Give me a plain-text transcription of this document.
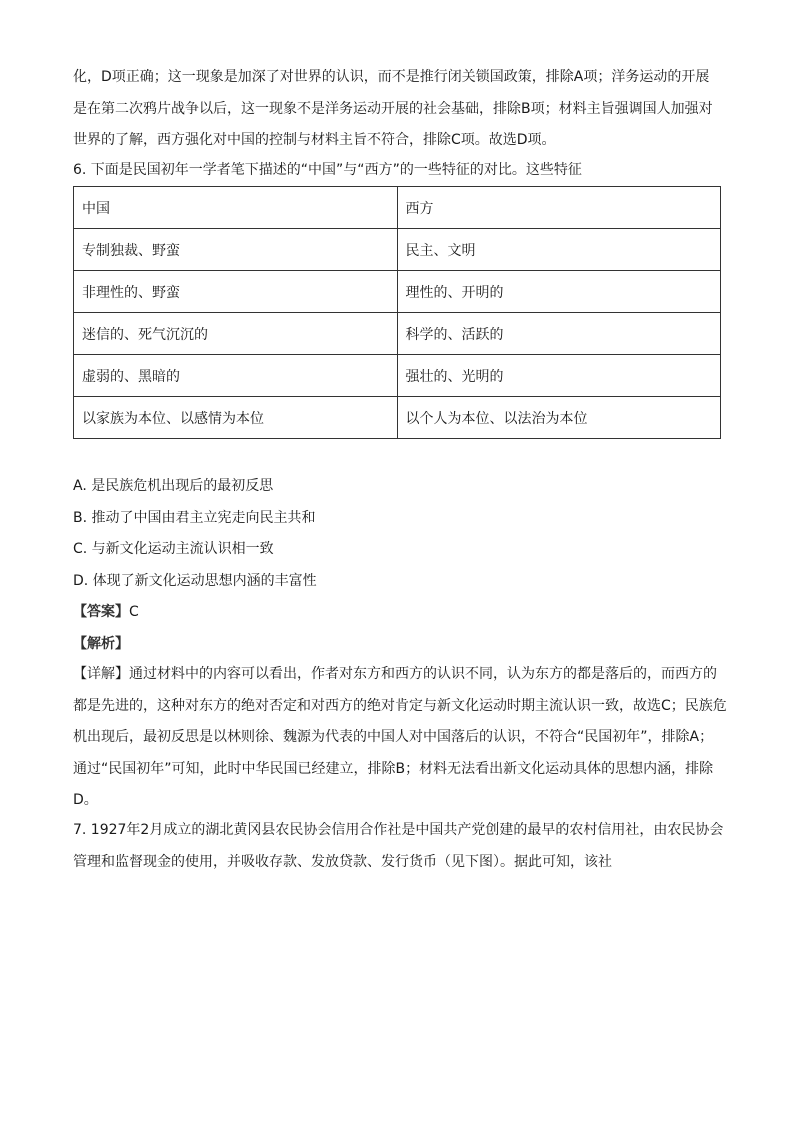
化，D项正确；这一现象是加深了对世界的认识，而不是推行闭关锁国政策，排除A项；洋务运动的开展
是在第二次鸦片战争以后，这一现象不是洋务运动开展的社会基础，排除B项；材料主旨强调国人加强对
世界的了解，西方强化对中国的控制与材料主旨不符合，排除C项。故选D项。
6. 下面是民国初年一学者笔下描述的“中国”与“西方”的一些特征的对比。这些特征
中国	西方
专制独裁、野蛮	民主、文明
非理性的、野蛮	理性的、开明的
迷信的、死气沉沉的	科学的、活跃的
虚弱的、黑暗的	强壮的、光明的
以家族为本位、以感情为本位	以个人为本位、以法治为本位
A. 是民族危机出现后的最初反思
B. 推动了中国由君主立宪走向民主共和
C. 与新文化运动主流认识相一致
D. 体现了新文化运动思想内涵的丰富性
【答案】C
【解析】
【详解】通过材料中的内容可以看出，作者对东方和西方的认识不同，认为东方的都是落后的，而西方的
都是先进的，这种对东方的绝对否定和对西方的绝对肯定与新文化运动时期主流认识一致，故选C；民族危
机出现后，最初反思是以林则徐、魏源为代表的中国人对中国落后的认识，不符合“民国初年”，排除A；
通过“民国初年”可知，此时中华民国已经建立，排除B；材料无法看出新文化运动具体的思想内涵，排除
D。
7. 1927年2月成立的湖北黄冈县农民协会信用合作社是中国共产党创建的最早的农村信用社，由农民协会
管理和监督现金的使用，并吸收存款、发放贷款、发行货币（见下图）。据此可知，该社
